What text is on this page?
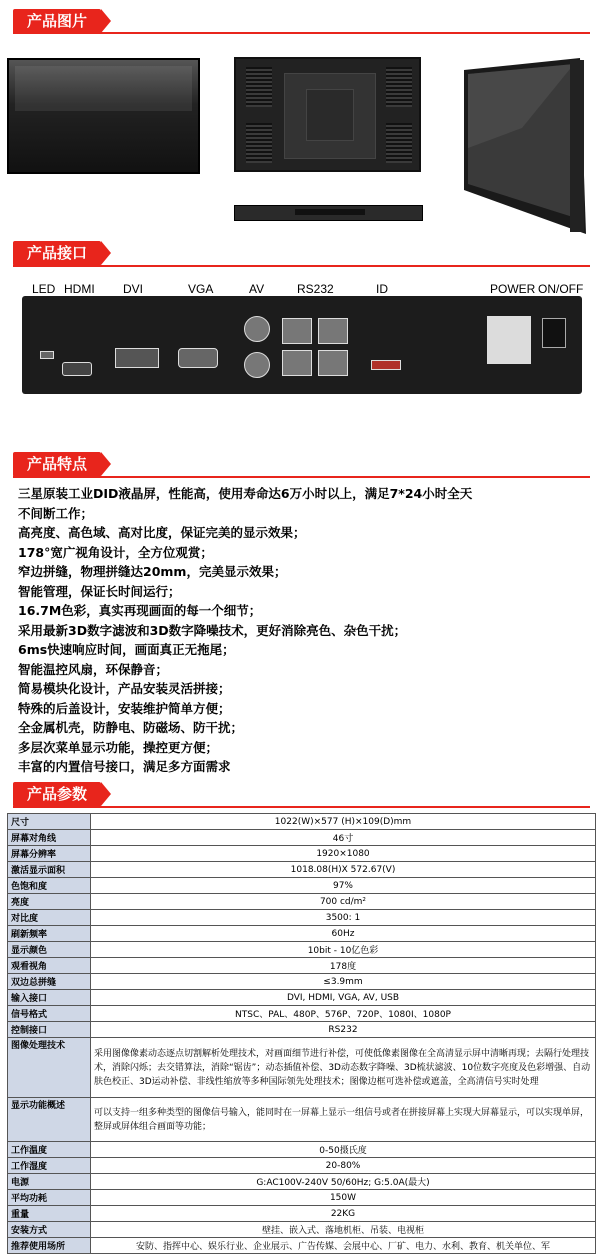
产品图片
产品接口
LED HDMI DVI	VGA	AV	RS232	ID	POWER ON/OFF
产品特点
三星原装工业DID液晶屏，性能高，使用寿命达6万小时以上，满足7*24小时全天
不间断工作；
高亮度、高色域、高对比度，保证完美的显示效果；
178°宽广视角设计，全方位观赏；
窄边拼缝，物理拼缝达20mm，完美显示效果；
智能管理，保证长时间运行；
16.7M色彩，真实再现画面的每一个细节；
采用最新3D数字滤波和3D数字降噪技术，更好消除亮色、杂色干扰；
6ms快速响应时间，画面真正无拖尾；
智能温控风扇，环保静音；
简易模块化设计，产品安装灵活拼接；
特殊的后盖设计，安装维护简单方便；
全金属机壳，防静电、防磁场、防干扰；
多层次菜单显示功能，操控更方便；
丰富的内置信号接口，满足多方面需求
产品参数
尺寸	1022(W)×577 (H)×109(D)mm
屏幕对角线	46寸
屏幕分辨率	1920×1080
激活显示面积	1018.08(H)X 572.67(V)
色饱和度	97%
亮度	700 cd/m²
对比度	3500: 1
刷新频率	60Hz
显示颜色	10bit - 10亿色彩
观看视角	178度
双边总拼缝	≤3.9mm
输入接口	DVI, HDMI, VGA, AV, USB
信号格式	NTSC、PAL、480P、576P、720P、1080I、1080P
控制接口	RS232
图像处理技术	采用图像像素动态逐点切割解析处理技术，对画面细节进行补偿，可使低像素图像在全高清显示屏中清晰再现；去隔行处理技术，消除闪烁；去交错算法，消除“锯齿”；动态插值补偿、3D动态数字降噪、3D梳状滤波、10位数字亮度及色彩增强、自动肤色校正、3D运动补偿、非线性缩放等多种国际领先处理技术；图像边框可选补偿或遮盖，全高清信号实时处理
显示功能概述	可以支持一组多种类型的图像信号输入，能同时在一屏幕上显示一组信号或者在拼接屏幕上实现大屏幕显示，可以实现单屏，整屏或屏体组合画面等功能；
工作温度	0-50摄氏度
工作湿度	20-80%
电源	G:AC100V-240V 50/60Hz; G:5.0A(最大)
平均功耗	150W
重量	22KG
安装方式	壁挂、嵌入式、落地机柜、吊装、电视柜
推荐使用场所	安防、指挥中心、娱乐行业、企业展示、广告传媒、会展中心、厂矿、电力、水利、教育、机关单位、军
